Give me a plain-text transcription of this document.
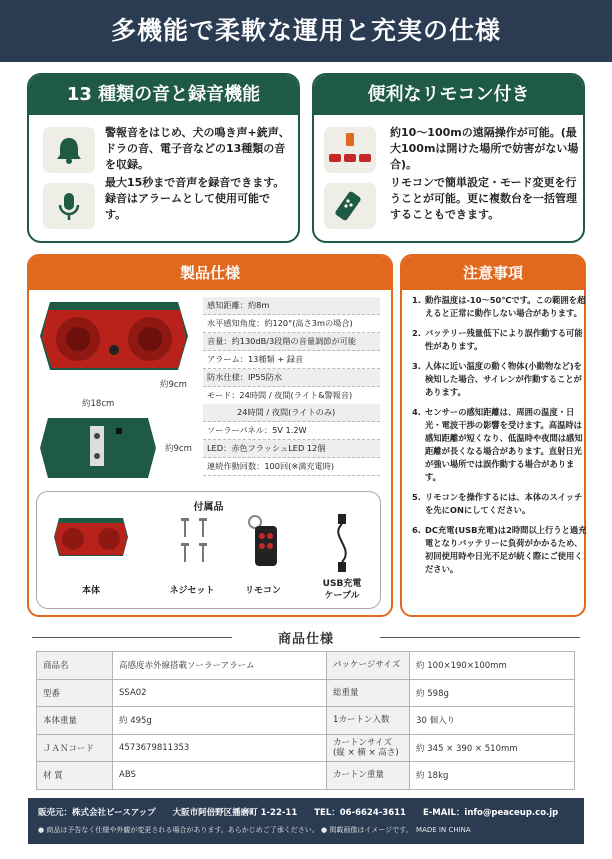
多機能で柔軟な運用と充実の仕様
13 種類の音と録音機能
警報音をはじめ、犬の鳴き声+銃声、ドラの音、電子音などの13種類の音を収録。
最大15秒まで音声を録音できます。録音はアラームとして使用可能です。
便利なリモコン付き
約10〜100mの遠隔操作が可能。(最大100mは開けた場所で妨害がない場合)。
リモコンで簡単設定・モード変更を行うことが可能。更に複数台を一括管理することもできます。
製品仕様
約9cm
約18cm
約9cm
感知距離：約8m
水平感知角度：約120°(高さ3mの場合)
音量：約130dB/3段階の音量調節が可能
アラーム：13種類 + 録音
防水仕様：IP55防水
モード：24時間 / 夜間(ライト&警報音)
24時間 / 夜間(ライトのみ)
ソーラーパネル：5V 1.2W
LED：赤色フラッシュLED 12個
連続作動回数：100回(※満充電時)
付属品
本体	ネジセット	リモコン
USB充電
ケーブル
注意事項
1. 動作温度は-10〜50℃です。この範囲を超えると正常に動作しない場合があります。
2. バッテリー残量低下により誤作動する可能性があります。
3. 人体に近い温度の動く物体(小動物など)を検知した場合、サイレンが作動することがあります。
4. センサーの感知距離は、周囲の温度・日光・電波干渉の影響を受けます。高温時は感知距離が短くなり、低温時や夜間は感知距離が長くなる場合があります。直射日光が強い場所では誤作動する場合があります。
5. リモコンを操作するには、本体のスイッチを先にONにしてください。
6. DC充電(USB充電)は2時間以上行うと過充電となりバッテリーに負荷がかかるため、初回使用時や日光不足が続く際にご使用ください。
商品仕様
商品名	高感度赤外線搭載ソーラーアラーム	パッケージサイズ	約 100×190×100mm
型番	SSA02	総重量	約 598g
本体重量	約 495g	1カートン入数	30 個入り
ＪＡＮコード	4573679811353	カートンサイズ
(縦 × 横 × 高さ)	約 345 × 390 × 510mm
材 質	ABS	カートン重量	約 18kg
販売元：株式会社ピースアップ　　大阪市阿倍野区播磨町 1-22-11　　TEL：06-6624-3611　　E-MAIL：info@peaceup.co.jp
● 商品は予告なく仕様や外観が変更される場合があります。あらかじめご了承ください。 ● 掲載画像はイメージです。　MADE IN CHINA
